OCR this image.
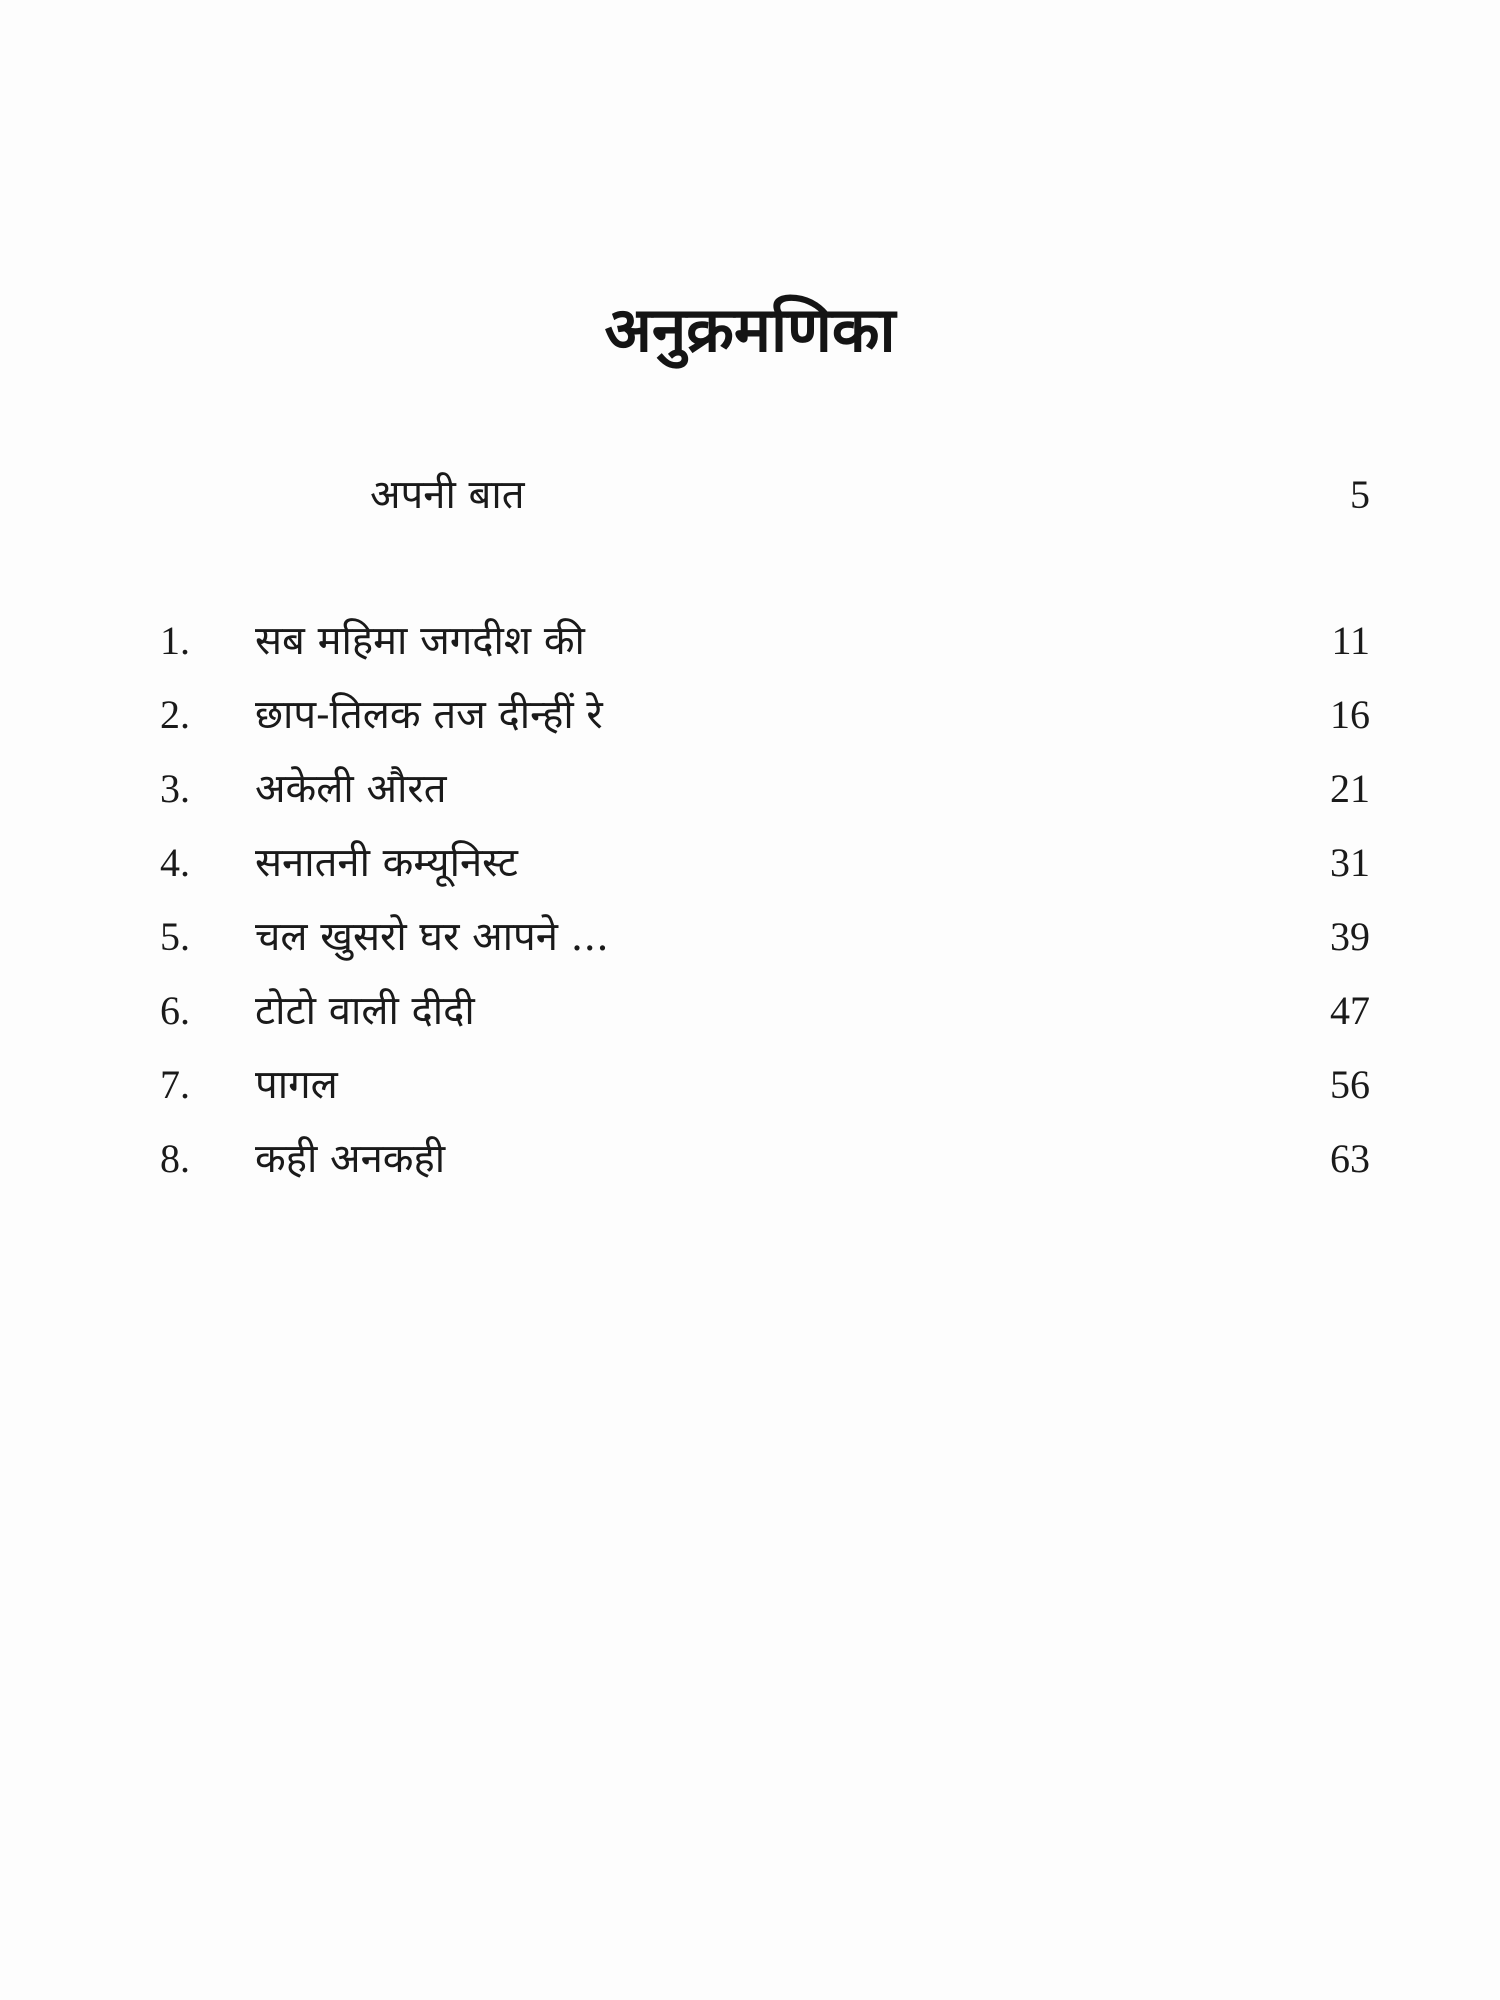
अनुक्रमणिका
अपनी बात	5
1. सब महिमा जगदीश की	11
2. छाप-तिलक तज दीन्हीं रे	16
3. अकेली औरत	21
4. सनातनी कम्यूनिस्ट	31
5. चल खुसरो घर आपने ...	39
6. टोटो वाली दीदी	47
7. पागल	56
8. कही अनकही	63
